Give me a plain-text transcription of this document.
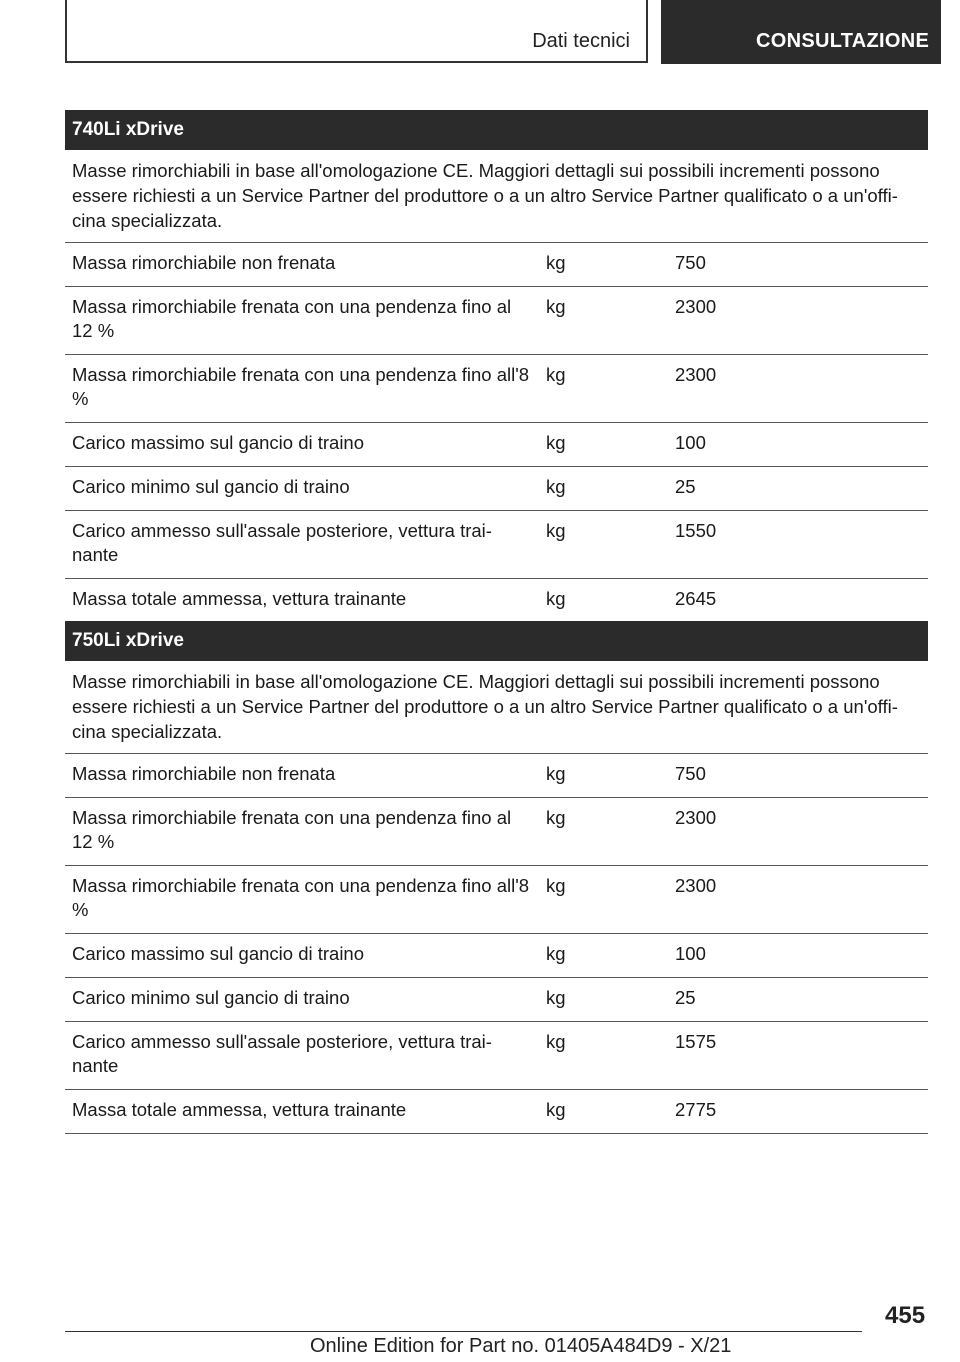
Dati tecnici	CONSULTAZIONE
740Li xDrive
Masse rimorchiabili in base all'omologazione CE. Maggiori dettagli sui possibili incrementi possono essere richiesti a un Service Partner del produttore o a un altro Service Partner qualificato o a un'officina specializzata.
Massa rimorchiabile non frenata	kg	750
Massa rimorchiabile frenata con una pendenza fino al 12 %	kg	2300
Massa rimorchiabile frenata con una pendenza fino all'8 %	kg	2300
Carico massimo sul gancio di traino	kg	100
Carico minimo sul gancio di traino	kg	25
Carico ammesso sull'assale posteriore, vettura trainante	kg	1550
Massa totale ammessa, vettura trainante	kg	2645
750Li xDrive
Masse rimorchiabili in base all'omologazione CE. Maggiori dettagli sui possibili incrementi possono essere richiesti a un Service Partner del produttore o a un altro Service Partner qualificato o a un'officina specializzata.
Massa rimorchiabile non frenata	kg	750
Massa rimorchiabile frenata con una pendenza fino al 12 %	kg	2300
Massa rimorchiabile frenata con una pendenza fino all'8 %	kg	2300
Carico massimo sul gancio di traino	kg	100
Carico minimo sul gancio di traino	kg	25
Carico ammesso sull'assale posteriore, vettura trainante	kg	1575
Massa totale ammessa, vettura trainante	kg	2775
455
Online Edition for Part no. 01405A484D9 - X/21
